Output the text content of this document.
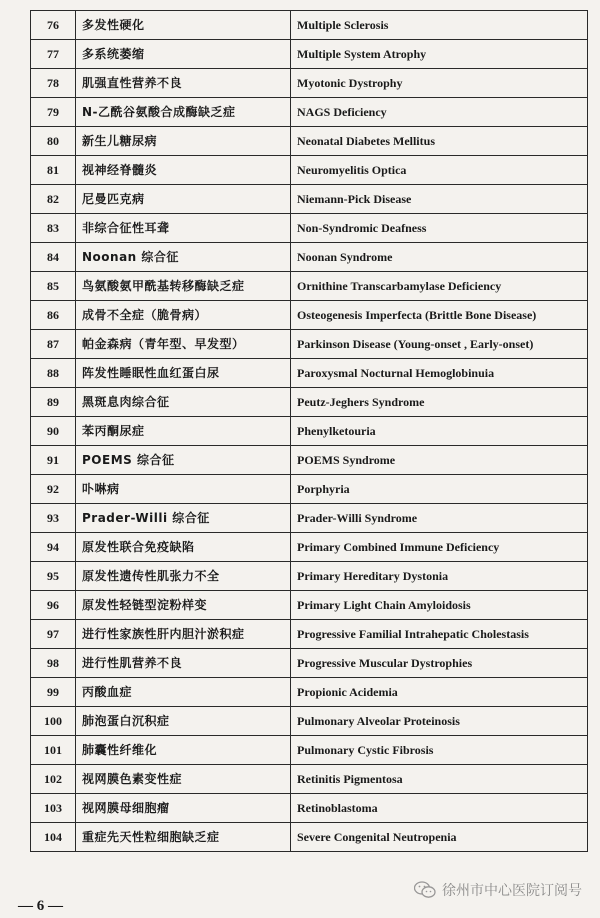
76	多发性硬化	Multiple Sclerosis
77	多系统萎缩	Multiple System Atrophy
78	肌强直性营养不良	Myotonic Dystrophy
79	N-乙酰谷氨酸合成酶缺乏症	NAGS Deficiency
80	新生儿糖尿病	Neonatal Diabetes Mellitus
81	视神经脊髓炎	Neuromyelitis Optica
82	尼曼匹克病	Niemann-Pick Disease
83	非综合征性耳聋	Non-Syndromic Deafness
84	Noonan 综合征	Noonan Syndrome
85	鸟氨酸氨甲酰基转移酶缺乏症	Ornithine Transcarbamylase Deficiency
86	成骨不全症（脆骨病）	Osteogenesis Imperfecta (Brittle Bone Disease)
87	帕金森病（青年型、早发型）	Parkinson Disease (Young-onset , Early-onset)
88	阵发性睡眠性血红蛋白尿	Paroxysmal Nocturnal Hemoglobinuia
89	黑斑息肉综合征	Peutz-Jeghers Syndrome
90	苯丙酮尿症	Phenylketouria
91	POEMS 综合征	POEMS Syndrome
92	卟啉病	Porphyria
93	Prader-Willi 综合征	Prader-Willi Syndrome
94	原发性联合免疫缺陷	Primary Combined Immune Deficiency
95	原发性遗传性肌张力不全	Primary Hereditary Dystonia
96	原发性轻链型淀粉样变	Primary Light Chain Amyloidosis
97	进行性家族性肝内胆汁淤积症	Progressive Familial Intrahepatic Cholestasis
98	进行性肌营养不良	Progressive Muscular Dystrophies
99	丙酸血症	Propionic Acidemia
100	肺泡蛋白沉积症	Pulmonary Alveolar Proteinosis
101	肺囊性纤维化	Pulmonary Cystic Fibrosis
102	视网膜色素变性症	Retinitis Pigmentosa
103	视网膜母细胞瘤	Retinoblastoma
104	重症先天性粒细胞缺乏症	Severe Congenital Neutropenia
— 6 —
徐州市中心医院订阅号
